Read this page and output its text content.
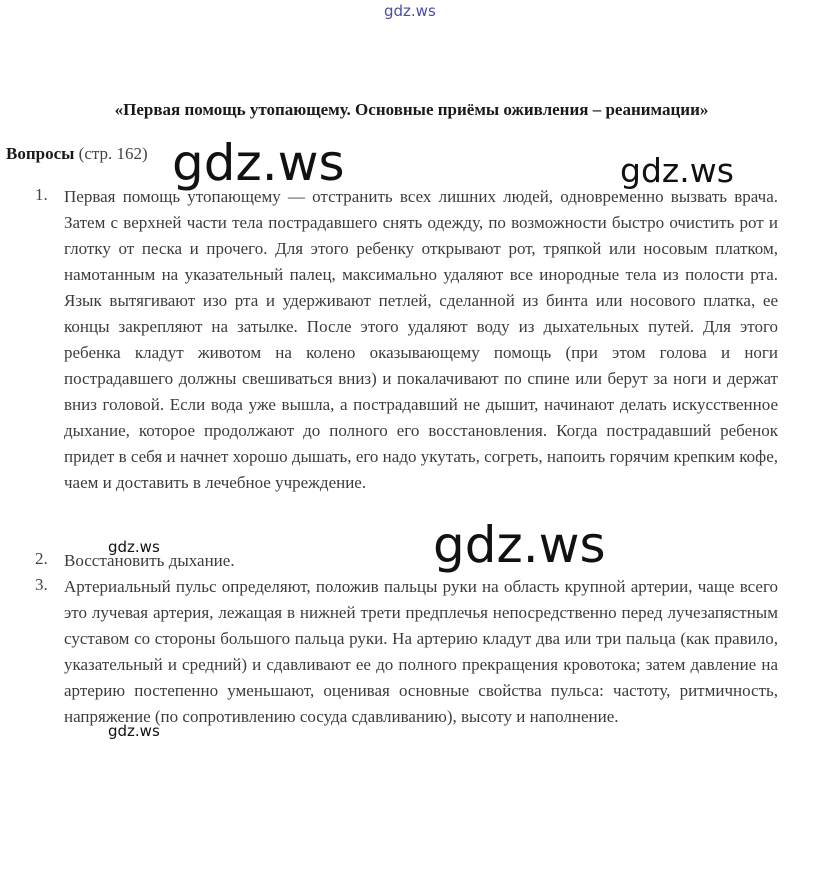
gdz.ws
«Первая помощь утопающему. Основные приёмы оживления – реанимации»
Вопросы (стр. 162)
1. Первая помощь утопающему — отстранить всех лишних людей, одновременно вызвать врача. Затем с верхней части тела пострадавшего снять одежду, по возможности быстро очистить рот и глотку от песка и прочего. Для этого ребенку открывают рот, тряпкой или носовым платком, намотанным на указательный палец, максимально удаляют все инородные тела из полости рта. Язык вытягивают изо рта и удерживают петлей, сделанной из бинта или носового платка, ее концы закрепляют на затылке. После этого удаляют воду из дыхательных путей. Для этого ребенка кладут животом на колено оказывающему помощь (при этом голова и ноги пострадавшего должны свешиваться вниз) и покалачивают по спине или берут за ноги и держат вниз головой. Если вода уже вышла, а пострадавший не дышит, начинают делать искусственное дыхание, которое продолжают до полного его восстановления. Когда пострадавший ребенок придет в себя и начнет хорошо дышать, его надо укутать, согреть, напоить горячим крепким кофе, чаем и доставить в лечебное учреждение.
2. Восстановить дыхание.
3. Артериальный пульс определяют, положив пальцы руки на область крупной артерии, чаще всего это лучевая артерия, лежащая в нижней трети предплечья непосредственно перед лучезапястным суставом со стороны большого пальца руки. На артерию кладут два или три пальца (как правило, указательный и средний) и сдавливают ее до полного прекращения кровотока; затем давление на артерию постепенно уменьшают, оценивая основные свойства пульса: частоту, ритмичность, напряжение (по сопротивлению сосуда сдавливанию), высоту и наполнение.
gdz.ws	gdz.ws
gdz.ws
gdz.ws
gdz.ws
